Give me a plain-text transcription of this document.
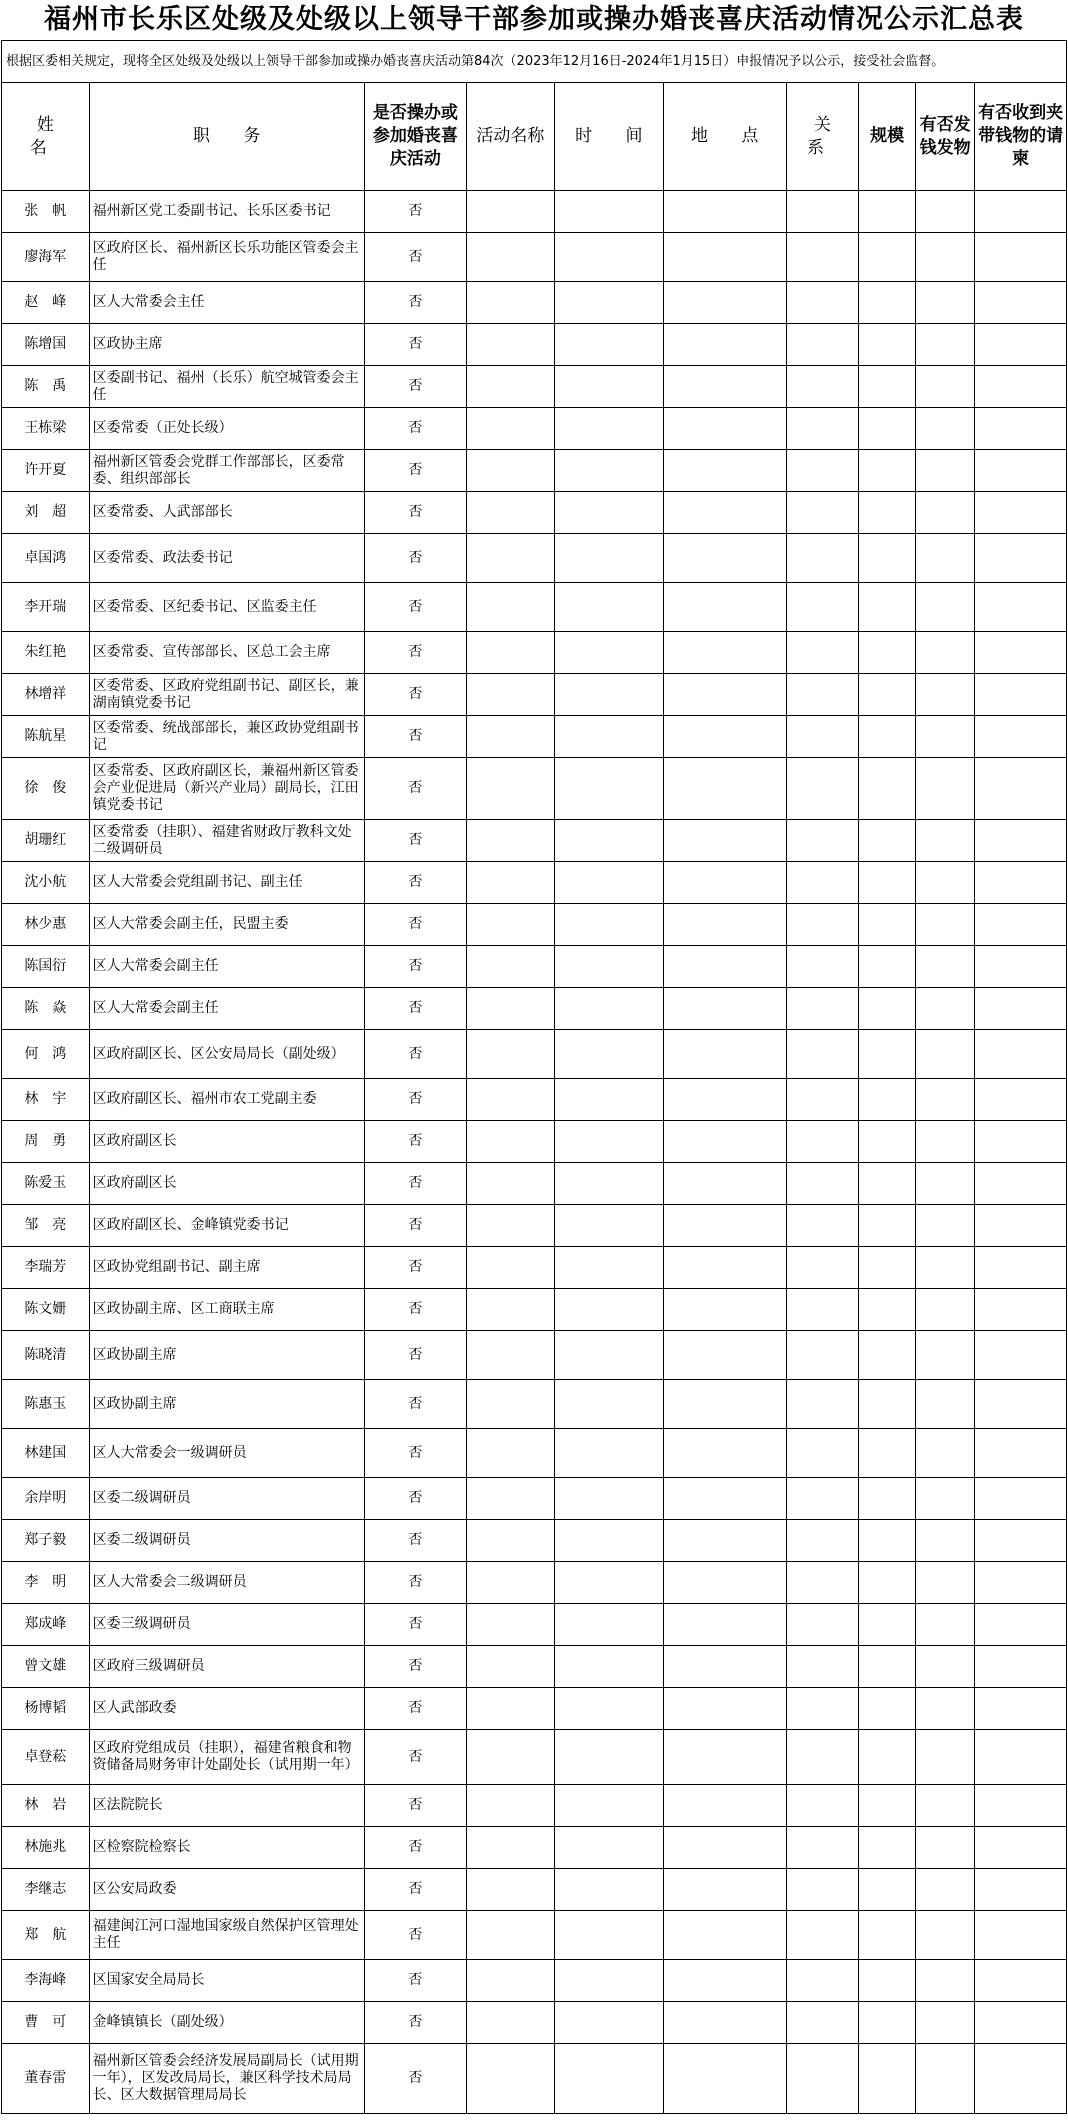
福州市长乐区处级及处级以上领导干部参加或操办婚丧喜庆活动情况公示汇总表
根据区委相关规定，现将全区处级及处级以上领导干部参加或操办婚丧喜庆活动第84次（2023年12月16日-2024年1月15日）申报情况予以公示，接受社会监督。
姓 名	职 务	是否操办或参加婚丧喜庆活动	活动名称	时 间	地 点	关 系	规模	有否发钱发物	有否收到夹带钱物的请柬
张　帆	福州新区党工委副书记、长乐区委书记	否							
廖海军	区政府区长、福州新区长乐功能区管委会主任	否							
赵　峰	区人大常委会主任	否							
陈增国	区政协主席	否							
陈　禹	区委副书记、福州（长乐）航空城管委会主任	否							
王栋梁	区委常委（正处长级）	否							
许开夏	福州新区管委会党群工作部部长，区委常委、组织部部长	否							
刘　超	区委常委、人武部部长	否							
卓国鸿	区委常委、政法委书记	否							
李开瑞	区委常委、区纪委书记、区监委主任	否							
朱红艳	区委常委、宣传部部长、区总工会主席	否							
林增祥	区委常委、区政府党组副书记、副区长，兼湖南镇党委书记	否							
陈航星	区委常委、统战部部长，兼区政协党组副书记	否							
徐　俊	区委常委、区政府副区长，兼福州新区管委会产业促进局（新兴产业局）副局长，江田镇党委书记	否							
胡珊红	区委常委（挂职）、福建省财政厅教科文处二级调研员	否							
沈小航	区人大常委会党组副书记、副主任	否							
林少惠	区人大常委会副主任，民盟主委	否							
陈国衍	区人大常委会副主任	否							
陈　焱	区人大常委会副主任	否							
何　鸿	区政府副区长、区公安局局长（副处级）	否							
林　宇	区政府副区长、福州市农工党副主委	否							
周　勇	区政府副区长	否							
陈爱玉	区政府副区长	否							
邹　亮	区政府副区长、金峰镇党委书记	否							
李瑞芳	区政协党组副书记、副主席	否							
陈文姗	区政协副主席、区工商联主席	否							
陈晓清	区政协副主席	否							
陈惠玉	区政协副主席	否							
林建国	区人大常委会一级调研员	否							
余岸明	区委二级调研员	否							
郑子毅	区委二级调研员	否							
李　明	区人大常委会二级调研员	否							
郑成峰	区委三级调研员	否							
曾文雄	区政府三级调研员	否							
杨博韬	区人武部政委	否							
卓登菘	区政府党组成员（挂职），福建省粮食和物资储备局财务审计处副处长（试用期一年）	否							
林　岩	区法院院长	否							
林施兆	区检察院检察长	否							
李继志	区公安局政委	否							
郑　航	福建闽江河口湿地国家级自然保护区管理处主任	否							
李海峰	区国家安全局局长	否							
曹　可	金峰镇镇长（副处级）	否							
董春雷	福州新区管委会经济发展局副局长（试用期一年），区发改局局长，兼区科学技术局局长、区大数据管理局局长	否							
